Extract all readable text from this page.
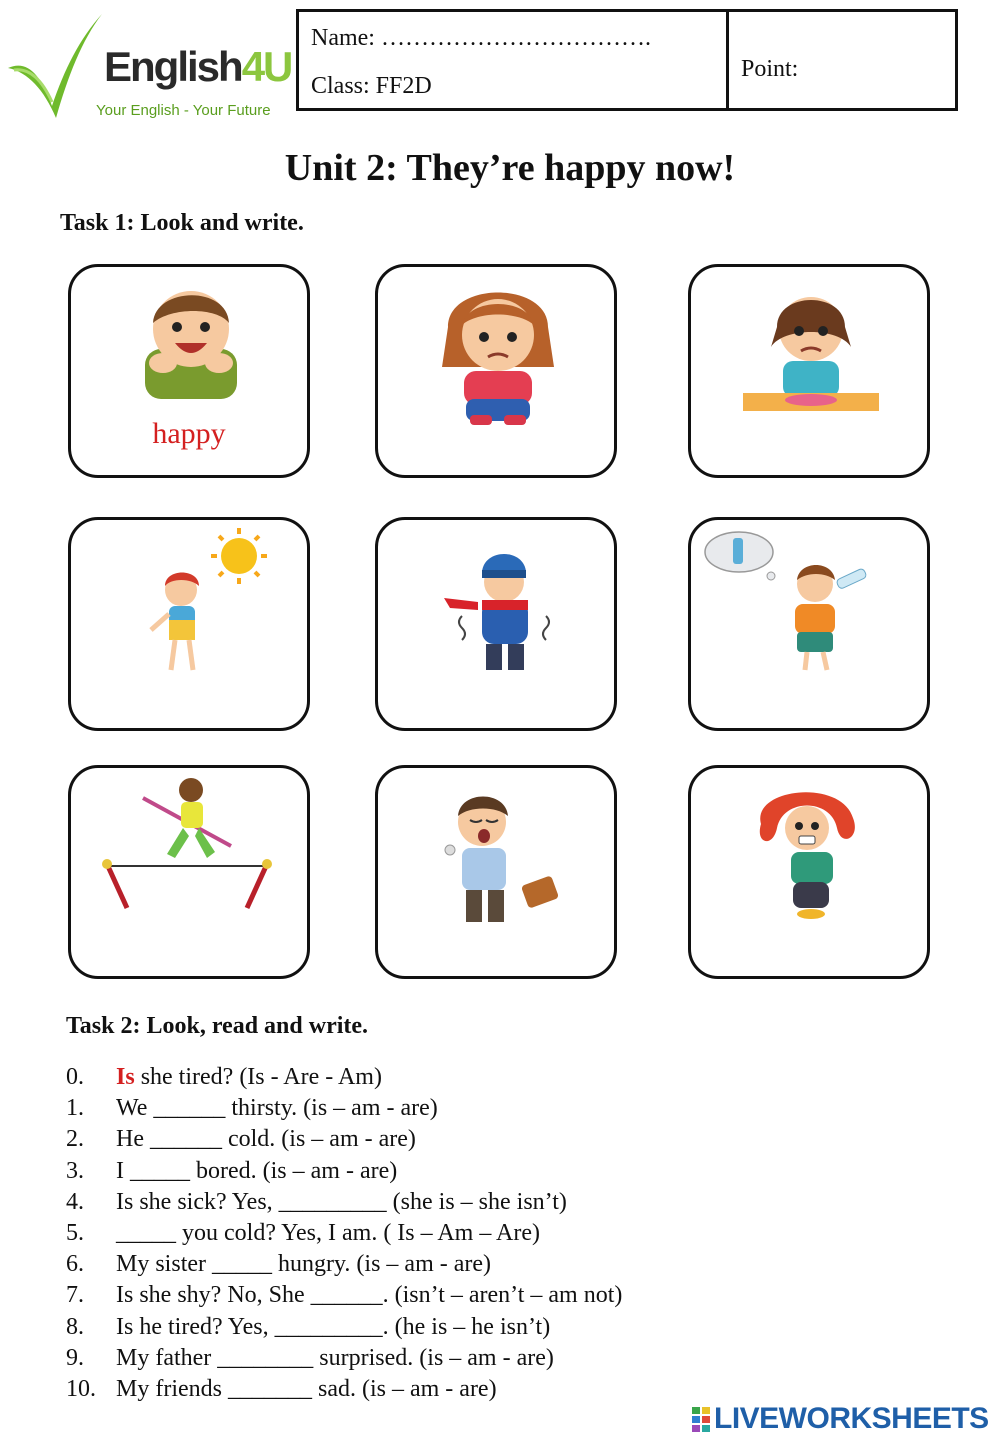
English4U
Your English - Your Future
Name: …………………………….
Class: FF2D
Point:
Unit 2: They’re happy now!
Task 1: Look and write.
happy
Task 2: Look, read and write.
0.	Is she tired? (Is - Are - Am)
1.	We ______ thirsty. (is – am - are)
2.	He ______ cold. (is – am - are)
3.	I _____ bored. (is – am - are)
4.	Is she sick? Yes, _________ (she is – she isn’t)
5.	_____ you cold? Yes, I am. ( Is – Am – Are)
6.	My sister _____ hungry. (is – am - are)
7.	Is she shy? No, She ______. (isn’t – aren’t – am not)
8.	Is he tired? Yes, _________. (he is – he isn’t)
9.	My father ________ surprised. (is – am - are)
10. My friends _______ sad. (is – am - are)
LIVEWORKSHEETS
